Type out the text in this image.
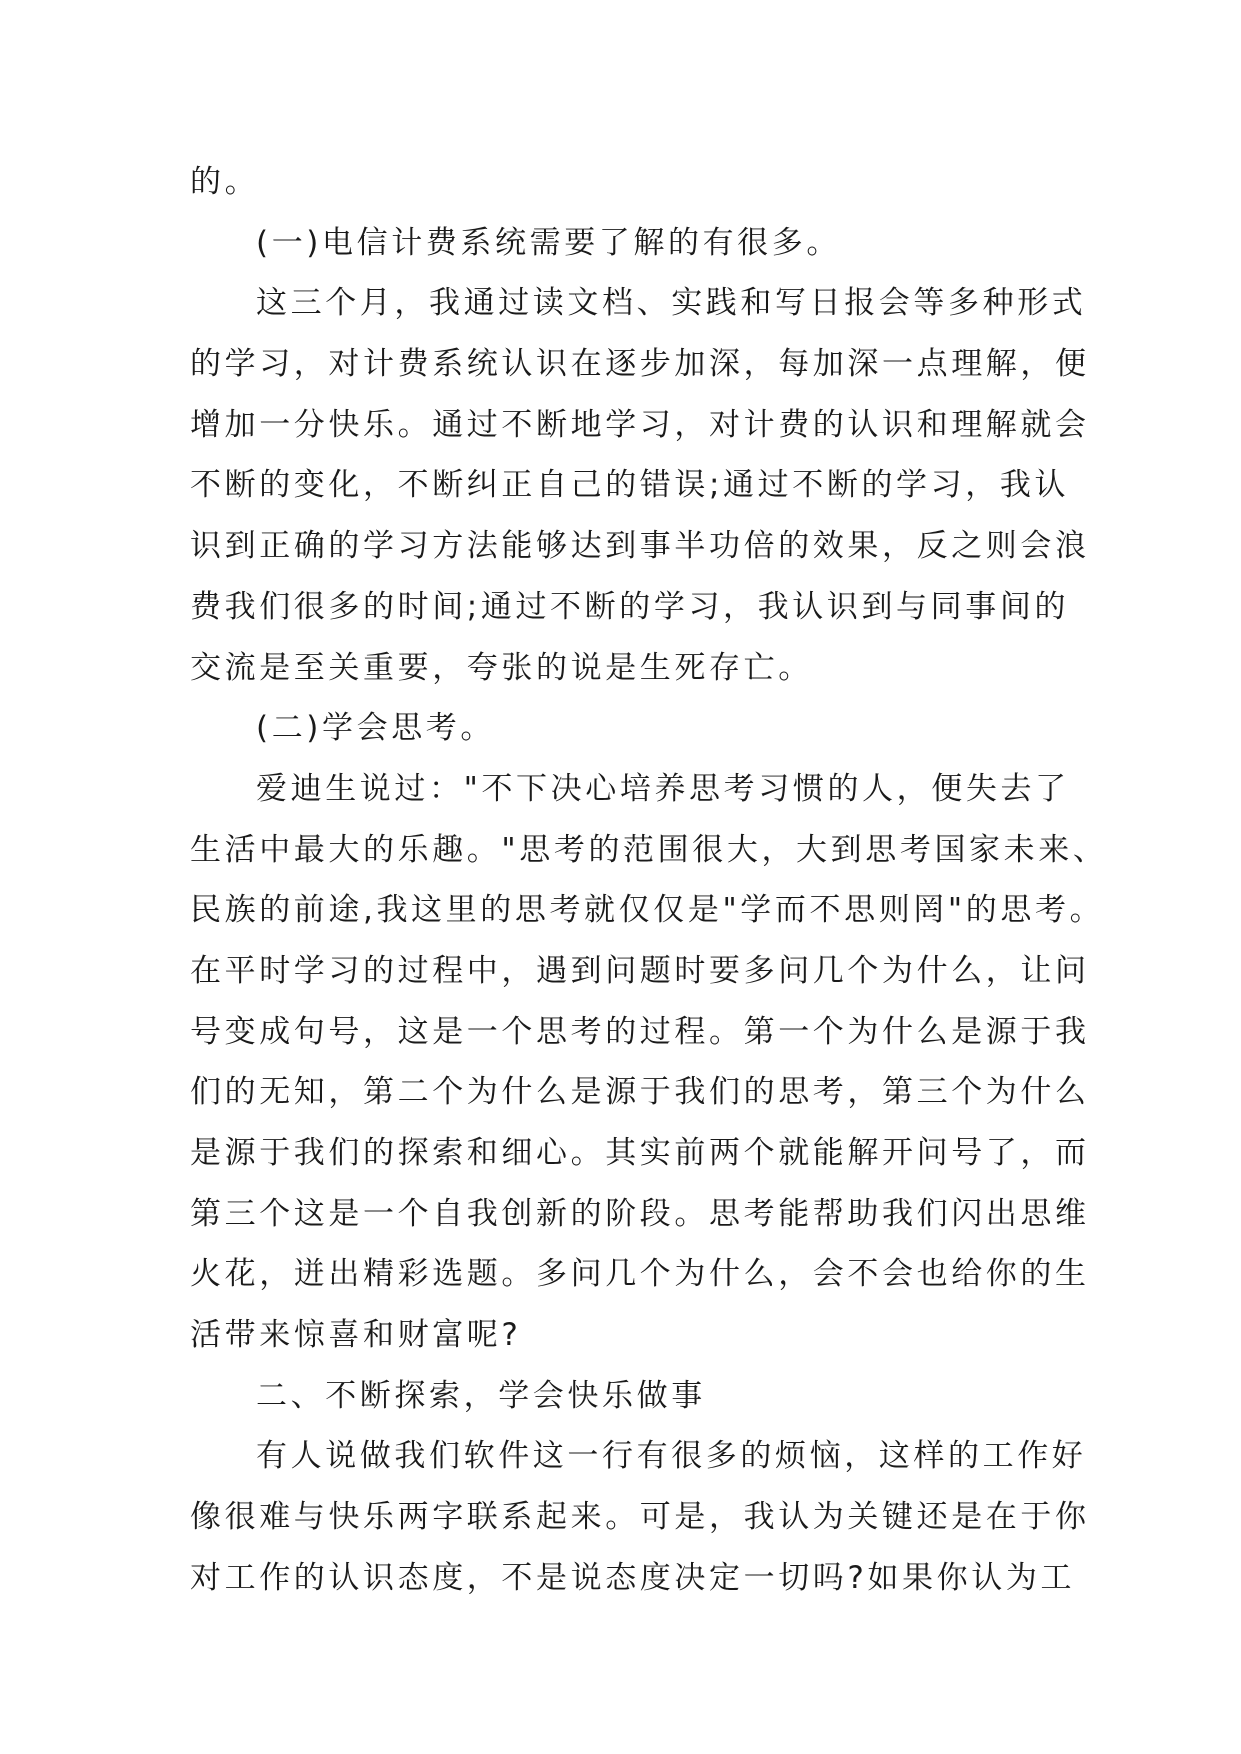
的。
(一)电信计费系统需要了解的有很多。
这三个月，我通过读文档、实践和写日报会等多种形式
的学习，对计费系统认识在逐步加深，每加深一点理解，便
增加一分快乐。通过不断地学习，对计费的认识和理解就会
不断的变化，不断纠正自己的错误;通过不断的学习，我认
识到正确的学习方法能够达到事半功倍的效果，反之则会浪
费我们很多的时间;通过不断的学习，我认识到与同事间的
交流是至关重要，夸张的说是生死存亡。
(二)学会思考。
爱迪生说过："不下决心培养思考习惯的人，便失去了
生活中最大的乐趣。"思考的范围很大，大到思考国家未来、
民族的前途,我这里的思考就仅仅是"学而不思则罔"的思考。
在平时学习的过程中，遇到问题时要多问几个为什么，让问
号变成句号，这是一个思考的过程。第一个为什么是源于我
们的无知，第二个为什么是源于我们的思考，第三个为什么
是源于我们的探索和细心。其实前两个就能解开问号了，而
第三个这是一个自我创新的阶段。思考能帮助我们闪出思维
火花，迸出精彩选题。多问几个为什么，会不会也给你的生
活带来惊喜和财富呢?
二、不断探索，学会快乐做事
有人说做我们软件这一行有很多的烦恼，这样的工作好
像很难与快乐两字联系起来。可是，我认为关键还是在于你
对工作的认识态度，不是说态度决定一切吗?如果你认为工
